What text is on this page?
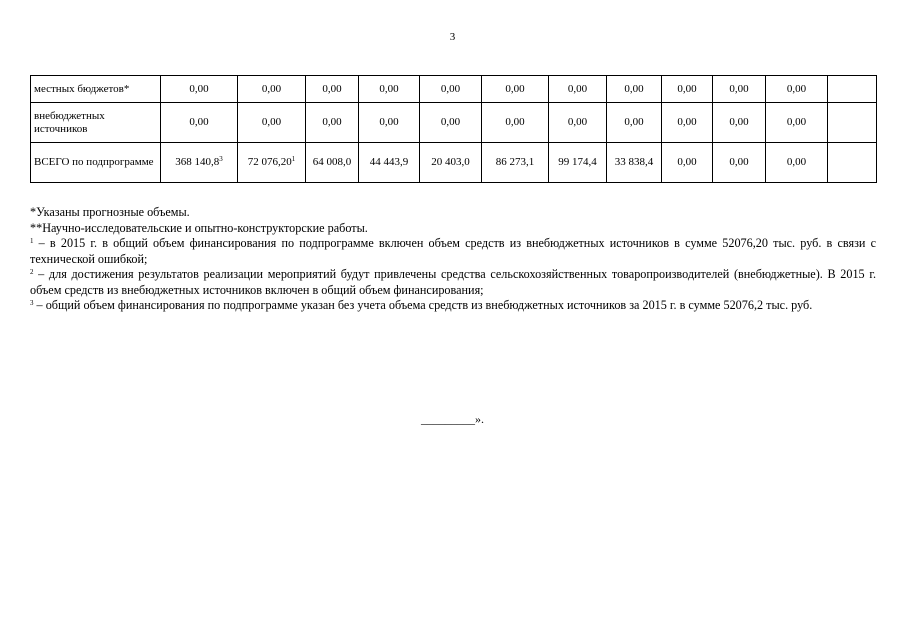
3
местных бюджетов*	0,00	0,00	0,00	0,00	0,00	0,00	0,00	0,00	0,00	0,00	0,00	
внебюджетных источников	0,00	0,00	0,00	0,00	0,00	0,00	0,00	0,00	0,00	0,00	0,00	
ВСЕГО по подпрограмме	368 140,8$^3$	72 076,20$^1$	64 008,0	44 443,9	20 403,0	86 273,1	99 174,4	33 838,4	0,00	0,00	0,00	

*Указаны прогнозные объемы.

**Научно-исследовательские и опытно-конструкторские работы.

$^1$ – в 2015 г. в общий объем финансирования по подпрограмме включен объем средств из внебюджетных источников в сумме 52076,20 тыс. руб. в связи с технической ошибкой;

$^2$ – для достижения результатов реализации мероприятий будут привлечены средства сельскохозяйственных товаропроизводителей (внебюджетные). В 2015 г. объем средств из внебюджетных источников включен в общий объем финансирования;

$^3$ – общий объем финансирования по подпрограмме указан без учета объема средств из внебюджетных источников за 2015 г. в сумме 52076,2 тыс. руб.

_________».
